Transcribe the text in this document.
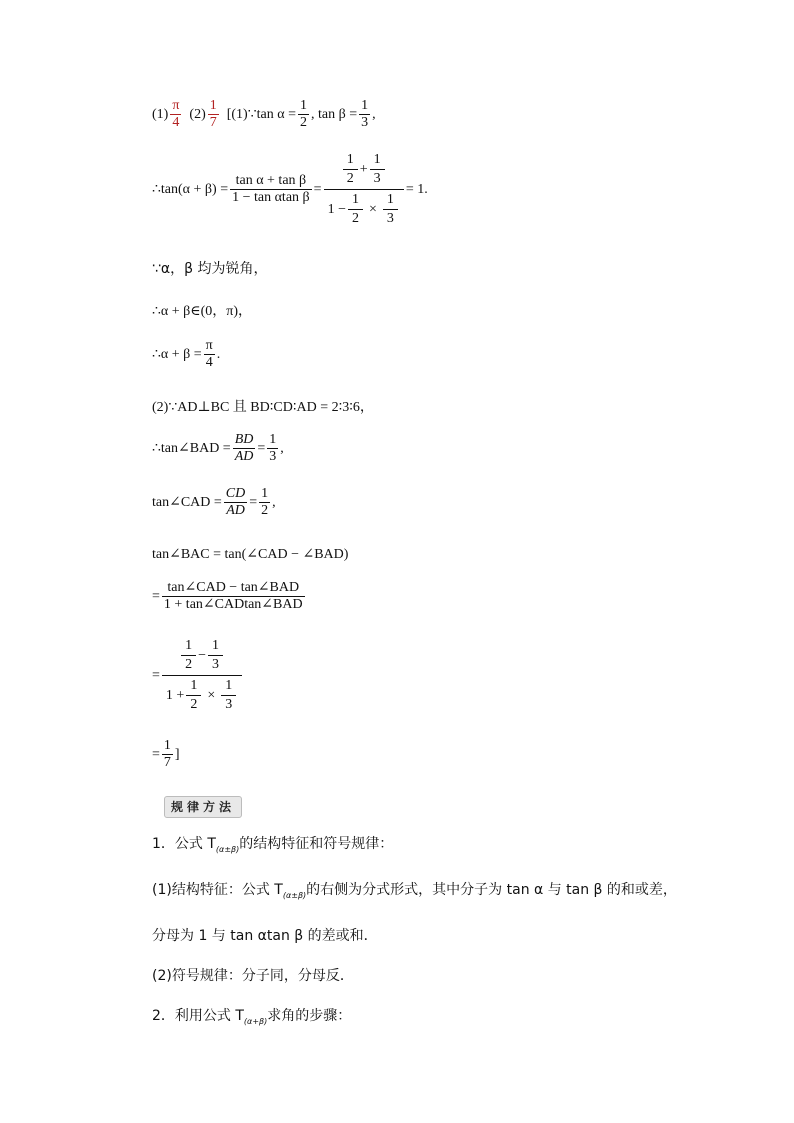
$(1) \frac{\pi}{4} (2) \frac{1}{7}$ [(1)∵tan $\alpha = \frac{1}{2}$ , $\tan \beta = \frac{1}{3}$ ,
∴tan(α + $\beta) = \frac{\text{tan α + tan β}}{\text{1 − tan αtan β}} = \frac{\frac{1}{2} + \frac{1}{3}}{1 - \frac{1}{2} \times \frac{1}{3}} = 1$.
∵α，β 均为锐角，
∴α + β∈(0，π)，
∴α + $\beta = \frac{\pi}{4}$ .
(2)∵AD⊥BC 且 BD∶CD∶AD = 2∶3∶6，
∴tan∠BAD = $\frac{BD}{AD} = \frac{1}{3}$ ,
tan∠CAD = $\frac{CD}{AD} = \frac{1}{2}$ ,
tan∠BAC = tan(∠CAD − ∠BAD)
= $\frac{\text{tan∠CAD − tan∠BAD}}{\text{1 + tan∠CADtan∠BAD}}$
= $\frac{\frac{1}{2} - \frac{1}{3}}{1 + \frac{1}{2} \times \frac{1}{3}}$
= $\frac{1}{7}$ ]
规律方法
1．公式 $T_{(\alpha\pm\beta)}$的结构特征和符号规律：
(1)结构特征：公式 $T_{(\alpha\pm\beta)}$的右侧为分式形式，其中分子为 tan α 与 tan β 的和或差，分母为 1 与 tan αtan β 的差或和．
(2)符号规律：分子同，分母反．
2．利用公式 $T_{(\alpha+\beta)}$求角的步骤：
